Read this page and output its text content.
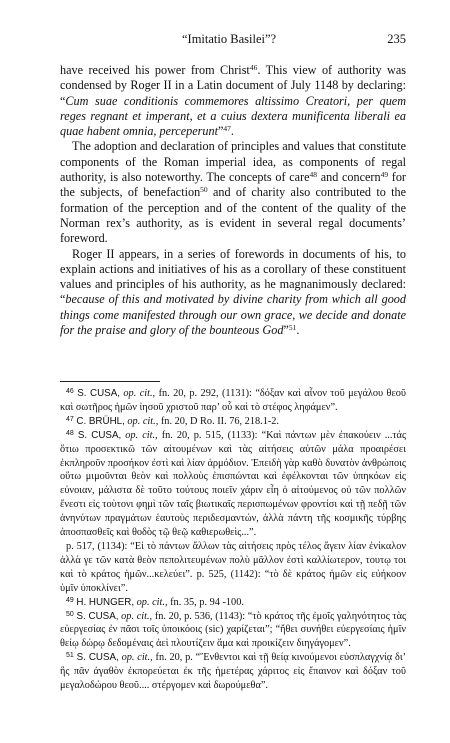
“Imitatio Basilei”?	235

have received his power from Christ$^{46}$. This view of authority was condensed by Roger II in a Latin document of July 1148 by declaring: “Cum suae conditionis commemores altissimo Creatori, per quem reges regnant et imperant, et a cuius dextera munificenta liberali ea quae habent omnia, perceperunt”$^{47}$.

The adoption and declaration of principles and values that constitute components of the Roman imperial idea, as components of regal authority, is also noteworthy. The concepts of care$^{48}$ and concern$^{49}$ for the subjects, of benefaction$^{50}$ and of charity also contributed to the formation of the perception and of the content of the quality of the Norman rex’s authority, as is evident in several regal documents’ foreword.

Roger II appears, in a series of forewords in documents of his, to explain actions and initiatives of his as a corollary of these constituent values and principles of his authority, as he magnanimously declared: “because of this and motivated by divine charity from which all good things come manifested through our own grace, we decide and donate for the praise and glory of the bounteous God”$^{51}$.

$^{46}$ S. CUSA, op. cit., fn. 20, p. 292, (1131): “δόξαν καὶ αἶνον τοῦ μεγάλου θεοῦ καὶ σωτῆρος ἡμῶν ἰησοῦ χριστοῦ παρ’ οὗ καὶ τὸ στέφος ληφάμεν”.

$^{47}$ C. BRÜHL, op. cit., fn. 20, D Ro. II. 76, 218.1-2.

$^{48}$ S. CUSA, op. cit., fn. 20, p. 515, (1133): “Καὶ πάντων μὲν ἐπακούειν ...τάς ὅτιω προσεκτικῶ τῶν αἰτουμένων καὶ τὰς αἰτήσεις αὐτῶν μάλα προαιρέσει ἐκπληροῦν προσήκον ἐστὶ καὶ λίαν ἁρμόδιον. Ἐπειδὴ γὰρ καθὸ δυνατὸν ἀνθρώποις οὕτω μιμοῦνται θεὸν καὶ πολλοὺς ἐπισπώνται καὶ ἐφέλκονται τῶν ὑπηκόων εἰς εὐνοιαν, μάλιστα δὲ τοῦτο τούτους ποιεῖν χάριν εἶη ὁ αἰτούμενος οὐ τῶν πολλῶν ἔνεστι εἰς τοὺτονι φημὶ τῶν ταῖς βιωτικαῖς περισπωμένων φροντίσι καὶ τῇ πεδῇ τῶν ἀνηνύτων πραγμάτων ἑαυτοὺς περιδεσμαντών, ἀλλὰ πάντη τῆς κοσμικῆς τύρβης ἀποσπασθεῖς καὶ θοδὸς τῷ θεῷ καθιερωθεὶς...”.

p. 517, (1134): “Εἰ τὸ πάντων ἄλλων τὰς αἰτήσεις πρὸς τέλος ἄγειν λίαν ἐνίκαλον ἀλλὰ γε τῶν κατὰ θεὸν πεπολιτευμένων πολὺ μᾶλλον ἐστὶ καλλίωτερον, τουτῳ τοι καὶ τὸ κράτος ἡμῶν...κελεύει”. p. 525, (1142): “τὸ δὲ κράτος ἡμῶν εἰς εὐήκοον ὑμῖν ὑποκλίνει”.

$^{49}$ H. HUNGER, op. cit., fn. 35, p. 94 -100.

$^{50}$ S. CUSA, op. cit., fn. 20, p. 536, (1143): “τὸ κράτος τῆς ἐμοῖς γαληνότητος τὰς εὐεργεσίας ἐν πᾶσι τοῖς ὑποικόοις (sic) χαρίζεται”; “ἤθει συνήθει εὐεργεσίαις ἡμῖν θείῳ δώρῳ δεδομέναις ἀεὶ πλουτίζειν ἅμα καὶ προικίζειν διηγάγομεν”.

$^{51}$ S. CUSA, op. cit., fn. 20, p. “Ἔνθεντοι καὶ τῇ θείᾳ κινούμενοι εὐσπλαγχνίᾳ δι’ ἣς πᾶν ἀγαθὸν ἐκπορεύεται ἐκ τῆς ἡμετέρας χάριτος εἰς ἔπαινον καὶ δόξαν τοῦ μεγαλοδώρου θεοῦ.... στέργομεν καὶ δωρούμεθα”.
